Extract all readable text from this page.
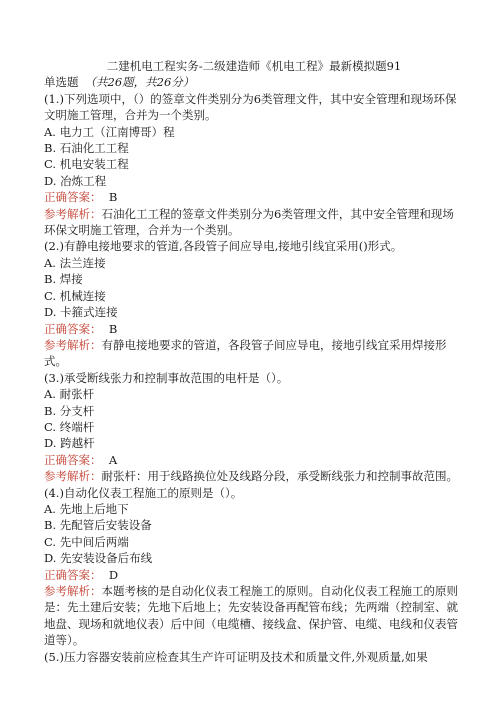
二建机电工程实务-二级建造师《机电工程》最新模拟题91
单选题 （共26题，共26分）
(1.)下列选项中，（）的签章文件类别分为6类管理文件，其中安全管理和现场环保文明施工管理，合并为一个类别。
A. 电力工（江南博哥）程
B. 石油化工工程
C. 机电安装工程
D. 冶炼工程
正确答案： B
参考解析：石油化工工程的签章文件类别分为6类管理文件，其中安全管理和现场环保文明施工管理，合并为一个类别。
(2.)有静电接地要求的管道,各段管子间应导电,接地引线宜采用()形式。
A. 法兰连接
B. 焊接
C. 机械连接
D. 卡箍式连接
正确答案： B
参考解析：有静电接地要求的管道，各段管子间应导电，接地引线宜采用焊接形式。
(3.)承受断线张力和控制事故范围的电杆是（）。
A. 耐张杆
B. 分支杆
C. 终端杆
D. 跨越杆
正确答案： A
参考解析：耐张杆：用于线路换位处及线路分段，承受断线张力和控制事故范围。
(4.)自动化仪表工程施工的原则是（）。
A. 先地上后地下
B. 先配管后安装设备
C. 先中间后两端
D. 先安装设备后布线
正确答案： D
参考解析：本题考核的是自动化仪表工程施工的原则。自动化仪表工程施工的原则是：先土建后安装；先地下后地上；先安装设备再配管布线；先两端（控制室、就地盘、现场和就地仪表）后中间（电缆槽、接线盒、保护管、电缆、电线和仪表管道等）。
(5.)压力容器安装前应检查其生产许可证明及技术和质量文件,外观质量,如果
